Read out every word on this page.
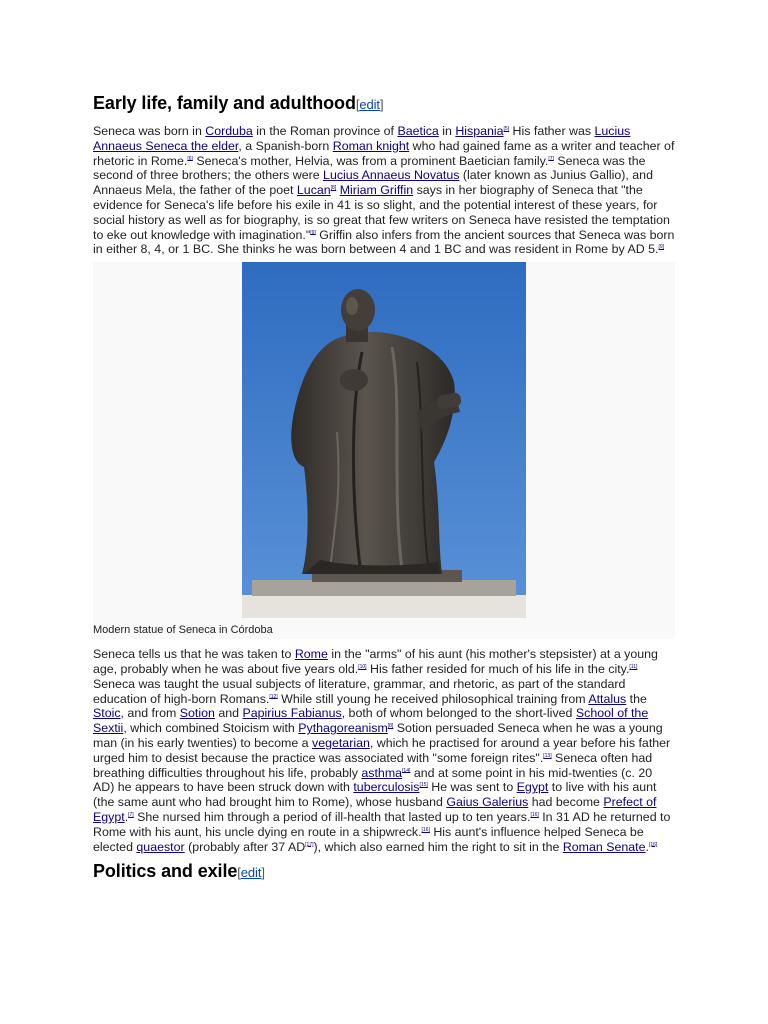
Early life, family and adulthood[edit]

Seneca was born in Corduba in the Roman province of Baetica in Hispania[5] His father was Lucius Annaeus Seneca the elder, a Spanish-born Roman knight who had gained fame as a writer and teacher of rhetoric in Rome.[6] Seneca's mother, Helvia, was from a prominent Baetician family.[7] Seneca was the second of three brothers; the others were Lucius Annaeus Novatus (later known as Junius Gallio), and Annaeus Mela, the father of the poet Lucan[8] Miriam Griffin says in her biography of Seneca that "the evidence for Seneca's life before his exile in 41 is so slight, and the potential interest of these years, for social history as well as for biography, is so great that few writers on Seneca have resisted the temptation to eke out knowledge with imagination."[9] Griffin also infers from the ancient sources that Seneca was born in either 8, 4, or 1 BC. She thinks he was born between 4 and 1 BC and was resident in Rome by AD 5.[9]

Modern statue of Seneca in Córdoba

Seneca tells us that he was taken to Rome in the "arms" of his aunt (his mother's stepsister) at a young age, probably when he was about five years old.[10] His father resided for much of his life in the city.[11] Seneca was taught the usual subjects of literature, grammar, and rhetoric, as part of the standard education of high-born Romans.[12] While still young he received philosophical training from Attalus the Stoic, and from Sotion and Papirius Fabianus, both of whom belonged to the short-lived School of the Sextii, which combined Stoicism with Pythagoreanism[8] Sotion persuaded Seneca when he was a young man (in his early twenties) to become a vegetarian, which he practised for around a year before his father urged him to desist because the practice was associated with "some foreign rites".[13] Seneca often had breathing difficulties throughout his life, probably asthma[14] and at some point in his mid-twenties (c. 20 AD) he appears to have been struck down with tuberculosis[15] He was sent to Egypt to live with his aunt (the same aunt who had brought him to Rome), whose husband Gaius Galerius had become Prefect of Egypt.[7] She nursed him through a period of ill-health that lasted up to ten years.[16] In 31 AD he returned to Rome with his aunt, his uncle dying en route in a shipwreck.[16] His aunt's influence helped Seneca be elected quaestor (probably after 37 AD[17]), which also earned him the right to sit in the Roman Senate.[16]

Politics and exile[edit]
